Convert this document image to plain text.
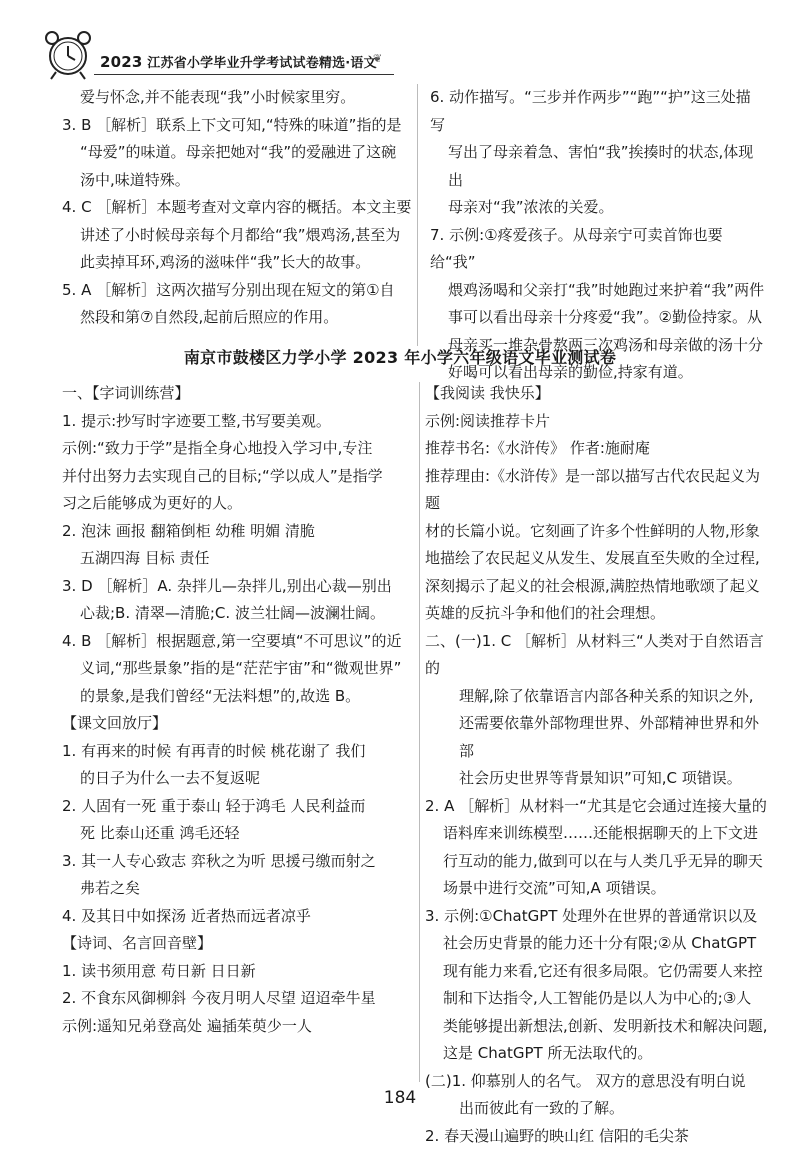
2023 江苏省小学毕业升学考试试卷精选·语文
❦

爱与怀念,并不能表现“我”小时候家里穷。

3. B ［解析］联系上下文可知,“特殊的味道”指的是

“母爱”的味道。母亲把她对“我”的爱融进了这碗

汤中,味道特殊。

4. C ［解析］本题考查对文章内容的概括。本文主要

讲述了小时候母亲每个月都给“我”煨鸡汤,甚至为

此卖掉耳环,鸡汤的滋味伴“我”长大的故事。

5. A ［解析］这两次描写分别出现在短文的第①自

然段和第⑦自然段,起前后照应的作用。

6. 动作描写。“三步并作两步”“跑”“护”这三处描写

写出了母亲着急、害怕“我”挨揍时的状态,体现出

母亲对“我”浓浓的关爱。

7. 示例:①疼爱孩子。从母亲宁可卖首饰也要给“我”

煨鸡汤喝和父亲打“我”时她跑过来护着“我”两件

事可以看出母亲十分疼爱“我”。②勤俭持家。从

母亲买一堆杂骨熬两三次鸡汤和母亲做的汤十分

好喝可以看出母亲的勤俭,持家有道。

南京市鼓楼区力学小学 2023 年小学六年级语文毕业测试卷

一、【字词训练营】

1. 提示:抄写时字迹要工整,书写要美观。

示例:“致力于学”是指全身心地投入学习中,专注

并付出努力去实现自己的目标;“学以成人”是指学

习之后能够成为更好的人。

2. 泡沫 画报 翻箱倒柜 幼稚 明媚 清脆

五湖四海 目标 责任

3. D ［解析］A. 杂拌儿—杂拌儿,别出心裁—别出

心裁;B. 清翠—清脆;C. 波兰壮阔—波澜壮阔。

4. B ［解析］根据题意,第一空要填“不可思议”的近

义词,“那些景象”指的是“茫茫宇宙”和“微观世界”

的景象,是我们曾经“无法料想”的,故选 B。

【课文回放厅】

1. 有再来的时候 有再青的时候 桃花谢了 我们

的日子为什么一去不复返呢

2. 人固有一死 重于泰山 轻于鸿毛 人民利益而

死 比泰山还重 鸿毛还轻

3. 其一人专心致志 弈秋之为听 思援弓缴而射之

弗若之矣

4. 及其日中如探汤 近者热而远者凉乎

【诗词、名言回音壁】

1. 读书须用意 苟日新 日日新

2. 不食东风御柳斜 今夜月明人尽望 迢迢牵牛星

示例:遥知兄弟登高处 遍插茱萸少一人

【我阅读 我快乐】

示例:阅读推荐卡片

推荐书名:《水浒传》 作者:施耐庵

推荐理由:《水浒传》是一部以描写古代农民起义为题

材的长篇小说。它刻画了许多个性鲜明的人物,形象

地描绘了农民起义从发生、发展直至失败的全过程,

深刻揭示了起义的社会根源,满腔热情地歌颂了起义

英雄的反抗斗争和他们的社会理想。

二、(一)1. C ［解析］从材料三“人类对于自然语言的

理解,除了依靠语言内部各种关系的知识之外,

还需要依靠外部物理世界、外部精神世界和外部

社会历史世界等背景知识”可知,C 项错误。

2. A ［解析］从材料一“尤其是它会通过连接大量的

语料库来训练模型……还能根据聊天的上下文进

行互动的能力,做到可以在与人类几乎无异的聊天

场景中进行交流”可知,A 项错误。

3. 示例:①ChatGPT 处理外在世界的普通常识以及

社会历史背景的能力还十分有限;②从 ChatGPT

现有能力来看,它还有很多局限。它仍需要人来控

制和下达指令,人工智能仍是以人为中心的;③人

类能够提出新想法,创新、发明新技术和解决问题,

这是 ChatGPT 所无法取代的。

(二)1. 仰慕别人的名气。 双方的意思没有明白说

出而彼此有一致的了解。

2. 春天漫山遍野的映山红 信阳的毛尖茶

184
